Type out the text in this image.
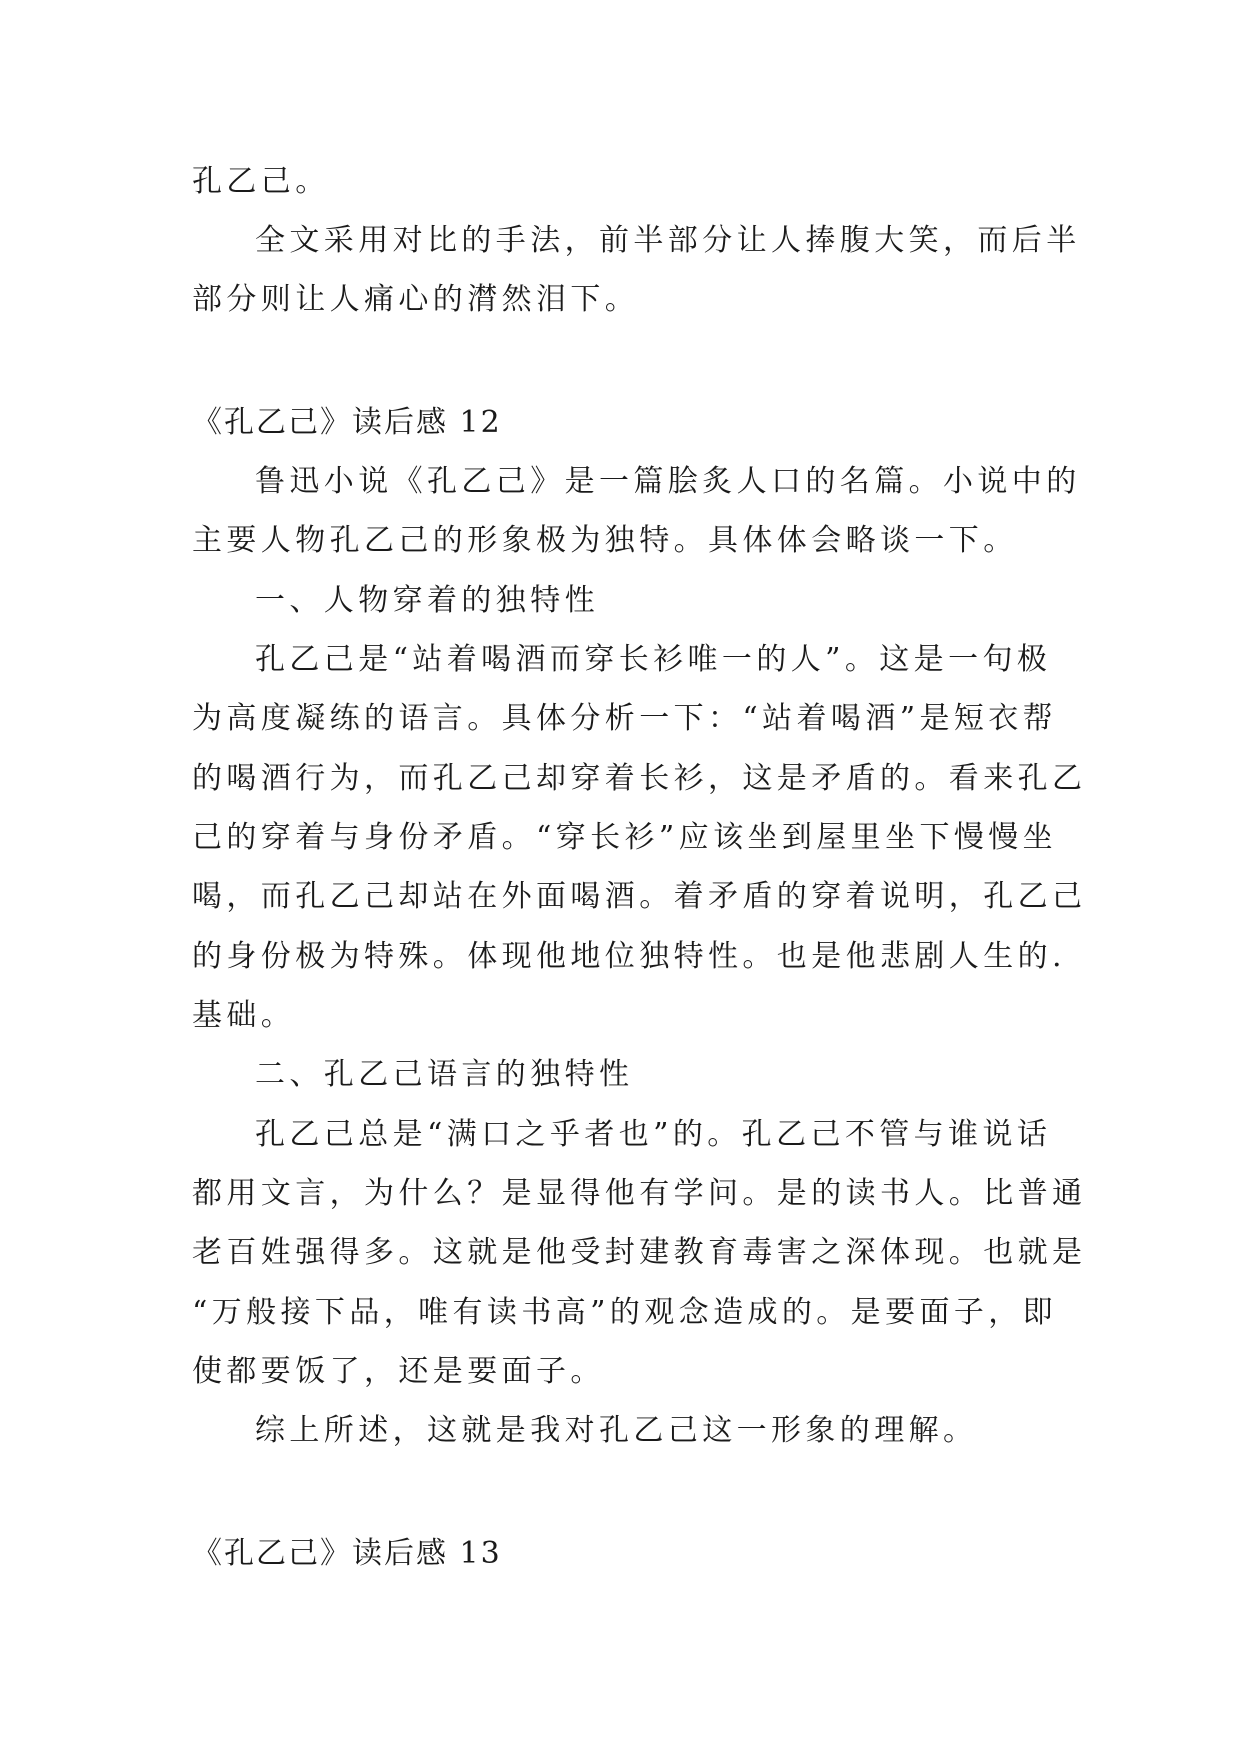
孔乙己。

全文采用对比的手法，前半部分让人捧腹大笑，而后半

部分则让人痛心的潸然泪下。

《孔乙己》读后感 12

鲁迅小说《孔乙己》是一篇脍炙人口的名篇。小说中的

主要人物孔乙己的形象极为独特。具体体会略谈一下。

一、人物穿着的独特性

孔乙己是“站着喝酒而穿长衫唯一的人”。这是一句极

为高度凝练的语言。具体分析一下：“站着喝酒”是短衣帮

的喝酒行为，而孔乙己却穿着长衫，这是矛盾的。看来孔乙

己的穿着与身份矛盾。“穿长衫”应该坐到屋里坐下慢慢坐

喝，而孔乙己却站在外面喝酒。着矛盾的穿着说明，孔乙己

的身份极为特殊。体现他地位独特性。也是他悲剧人生的.

基础。

二、孔乙己语言的独特性

孔乙己总是“满口之乎者也”的。孔乙己不管与谁说话

都用文言，为什么？是显得他有学问。是的读书人。比普通

老百姓强得多。这就是他受封建教育毒害之深体现。也就是

“万般接下品，唯有读书高”的观念造成的。是要面子，即

使都要饭了，还是要面子。

综上所述，这就是我对孔乙己这一形象的理解。

《孔乙己》读后感 13
